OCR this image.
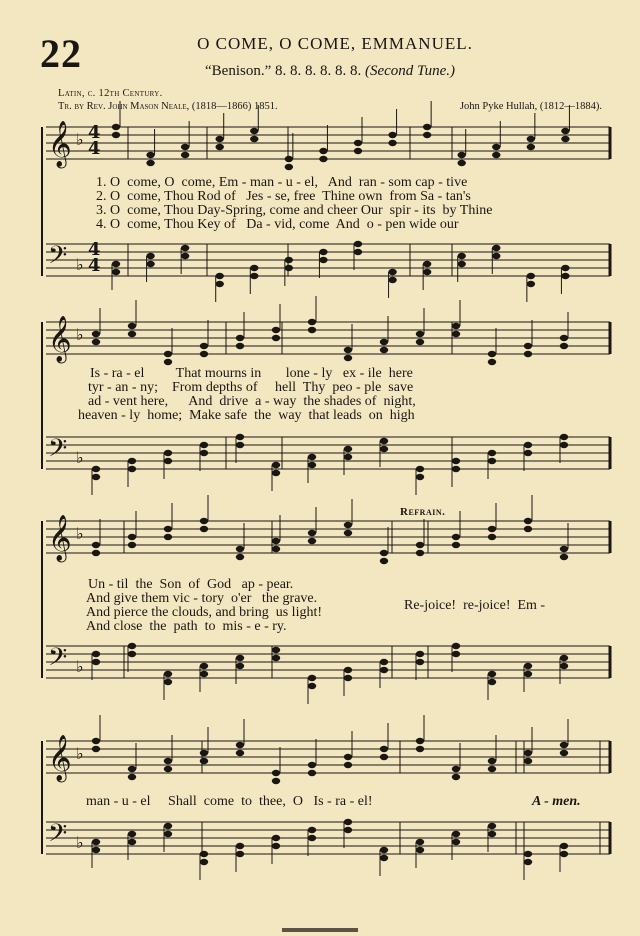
22	O COME, O COME, EMMANUEL.
“Benison.” 8. 8. 8. 8. 8. 8. (Second Tune.)
Latin, c. 12th Century.
Tr. by Rev. John Mason Neale, (1818—1866) 1851.	John Pyke Hullah, (1812—1884).
𝄞 ♭
𝄢 ♭
𝄞 ♭
𝄢 ♭
𝄞 ♭
𝄢 ♭
𝄞 ♭
𝄢 ♭
4
4
4
4
1. O  come, O  come, Em - man - u - el,   And  ran - som cap - tive
2. O  come, Thou Rod of   Jes - se, free  Thine own  from Sa - tan's
3. O  come, Thou Day-Spring, come and cheer Our  spir - its  by Thine
4. O  come, Thou Key of   Da - vid, come  And  o - pen wide our
Is - ra - el         That mourns in       lone - ly   ex - ile  here
tyr - an - ny;    From depths of     hell  Thy  peo - ple  save
ad - vent here,      And  drive  a - way  the shades of  night,
heaven - ly  home;  Make safe  the  way  that leads  on  high
Refrain.
Un - til  the  Son  of  God   ap - pear.
And give them vic - tory  o'er   the grave.
And pierce the clouds, and bring  us light!
And close  the  path  to  mis - e - ry.
Re-joice!  re-joice!  Em -
man - u - el     Shall  come  to  thee,  O   Is - ra - el!	A - men.
